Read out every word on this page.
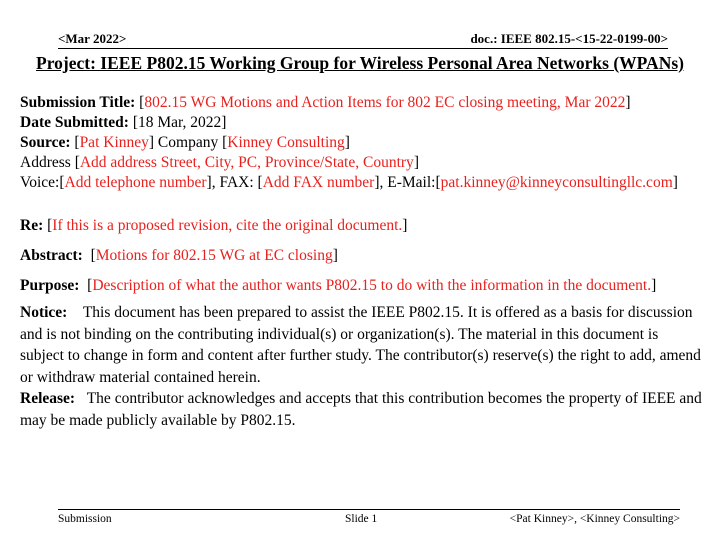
<Mar 2022>	doc.: IEEE 802.15-<15-22-0199-00>
Project: IEEE P802.15 Working Group for Wireless Personal Area Networks (WPANs)
Submission Title: [802.15 WG Motions and Action Items for 802 EC closing meeting, Mar 2022]
Date Submitted: [18 Mar, 2022]
Source: [Pat Kinney] Company [Kinney Consulting]
Address [Add address Street, City, PC, Province/State, Country]
Voice:[Add telephone number], FAX: [Add FAX number], E-Mail:[pat.kinney@kinneyconsultingllc.com]
Re: [If this is a proposed revision, cite the original document.]
Abstract:  [Motions for 802.15 WG at EC closing]
Purpose:  [Description of what the author wants P802.15 to do with the information in the document.]
Notice: This document has been prepared to assist the IEEE P802.15. It is offered as a basis for discussion and is not binding on the contributing individual(s) or organization(s). The material in this document is subject to change in form and content after further study. The contributor(s) reserve(s) the right to add, amend or withdraw material contained herein.
Release: The contributor acknowledges and accepts that this contribution becomes the property of IEEE and may be made publicly available by P802.15.
Submission	Slide 1	<Pat Kinney>, <Kinney Consulting>
